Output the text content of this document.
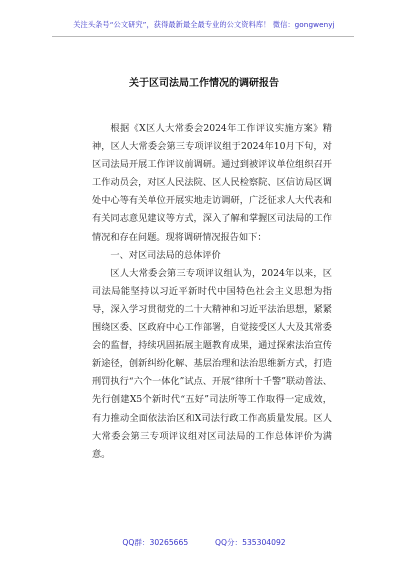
关注头条号“公文研究”，获得最新最全最专业的公文资料库！ 微信：gongwenyj
关于区司法局工作情况的调研报告

根据《X区人大常委会2024年工作评议实施方案》精神，区人大常委会第三专项评议组于2024年10月下旬，对区司法局开展工作评议前调研。通过到被评议单位组织召开工作动员会，对区人民法院、区人民检察院、区信访局区调处中心等有关单位开展实地走访调研，广泛征求人大代表和有关同志意见建议等方式，深入了解和掌握区司法局的工作情况和存在问题。现将调研情况报告如下：

一、对区司法局的总体评价

区人大常委会第三专项评议组认为，2024年以来，区司法局能坚持以习近平新时代中国特色社会主义思想为指导，深入学习贯彻党的二十大精神和习近平法治思想，紧紧围绕区委、区政府中心工作部署，自觉接受区人大及其常委会的监督，持续巩固拓展主题教育成果，通过探索法治宣传新途径，创新纠纷化解、基层治理和法治思维新方式，打造刑罚执行“六个一体化”试点、开展“律所十千警”联动普法、先行创建X5个新时代“五好”司法所等工作取得一定成效，有力推动全面依法治区和X司法行政工作高质量发展。区人大常委会第三专项评议组对区司法局的工作总体评价为满意。

QQ群：30265665	QQ分：535304092
